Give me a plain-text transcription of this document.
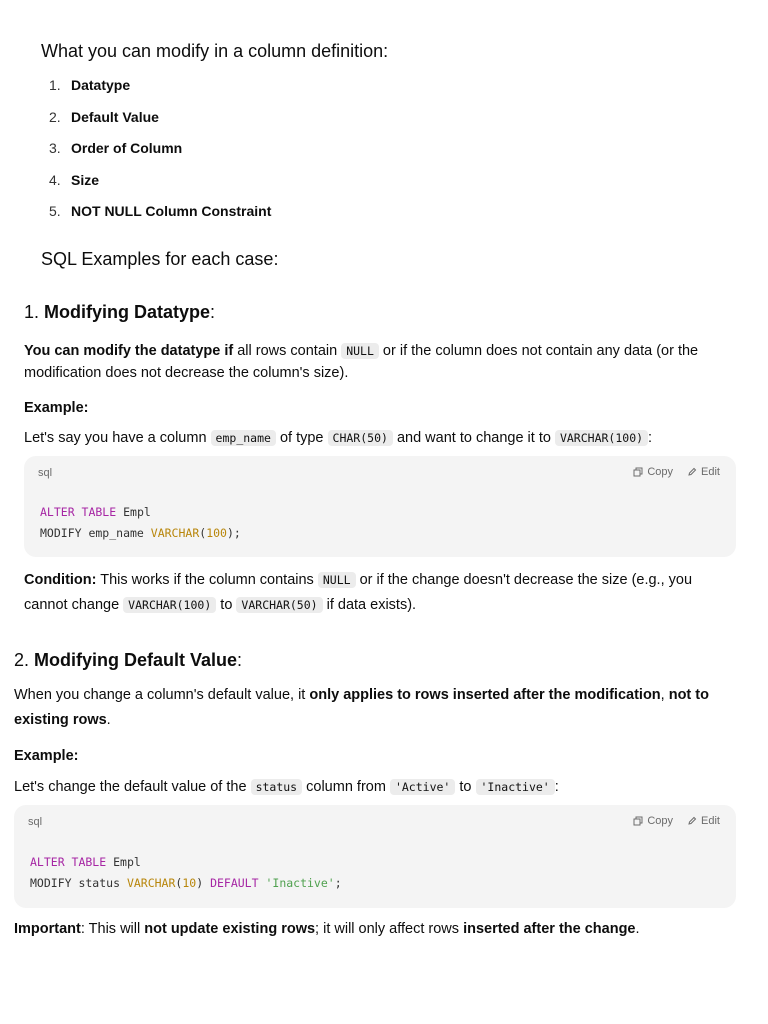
What you can modify in a column definition:
1. Datatype
2. Default Value
3. Order of Column
4. Size
5. NOT NULL Column Constraint
SQL Examples for each case:
1. Modifying Datatype:

You can modify the datatype if all rows contain NULL or if the column does not contain any data (or the modification does not decrease the column's size).

Example:

Let's say you have a column emp_name of type CHAR(50) and want to change it to VARCHAR(100) :

sql	Copy	Edit
ALTER TABLE Empl
MODIFY emp_name VARCHAR(100);

Condition: This works if the column contains NULL or if the change doesn't decrease the size (e.g., you cannot change VARCHAR(100) to VARCHAR(50) if data exists).

2. Modifying Default Value:

When you change a column's default value, it only applies to rows inserted after the modification, not to existing rows.

Example:

Let's change the default value of the status column from 'Active' to 'Inactive' :

sql	Copy	Edit
ALTER TABLE Empl
MODIFY status VARCHAR(10) DEFAULT 'Inactive';

Important: This will not update existing rows; it will only affect rows inserted after the change.
